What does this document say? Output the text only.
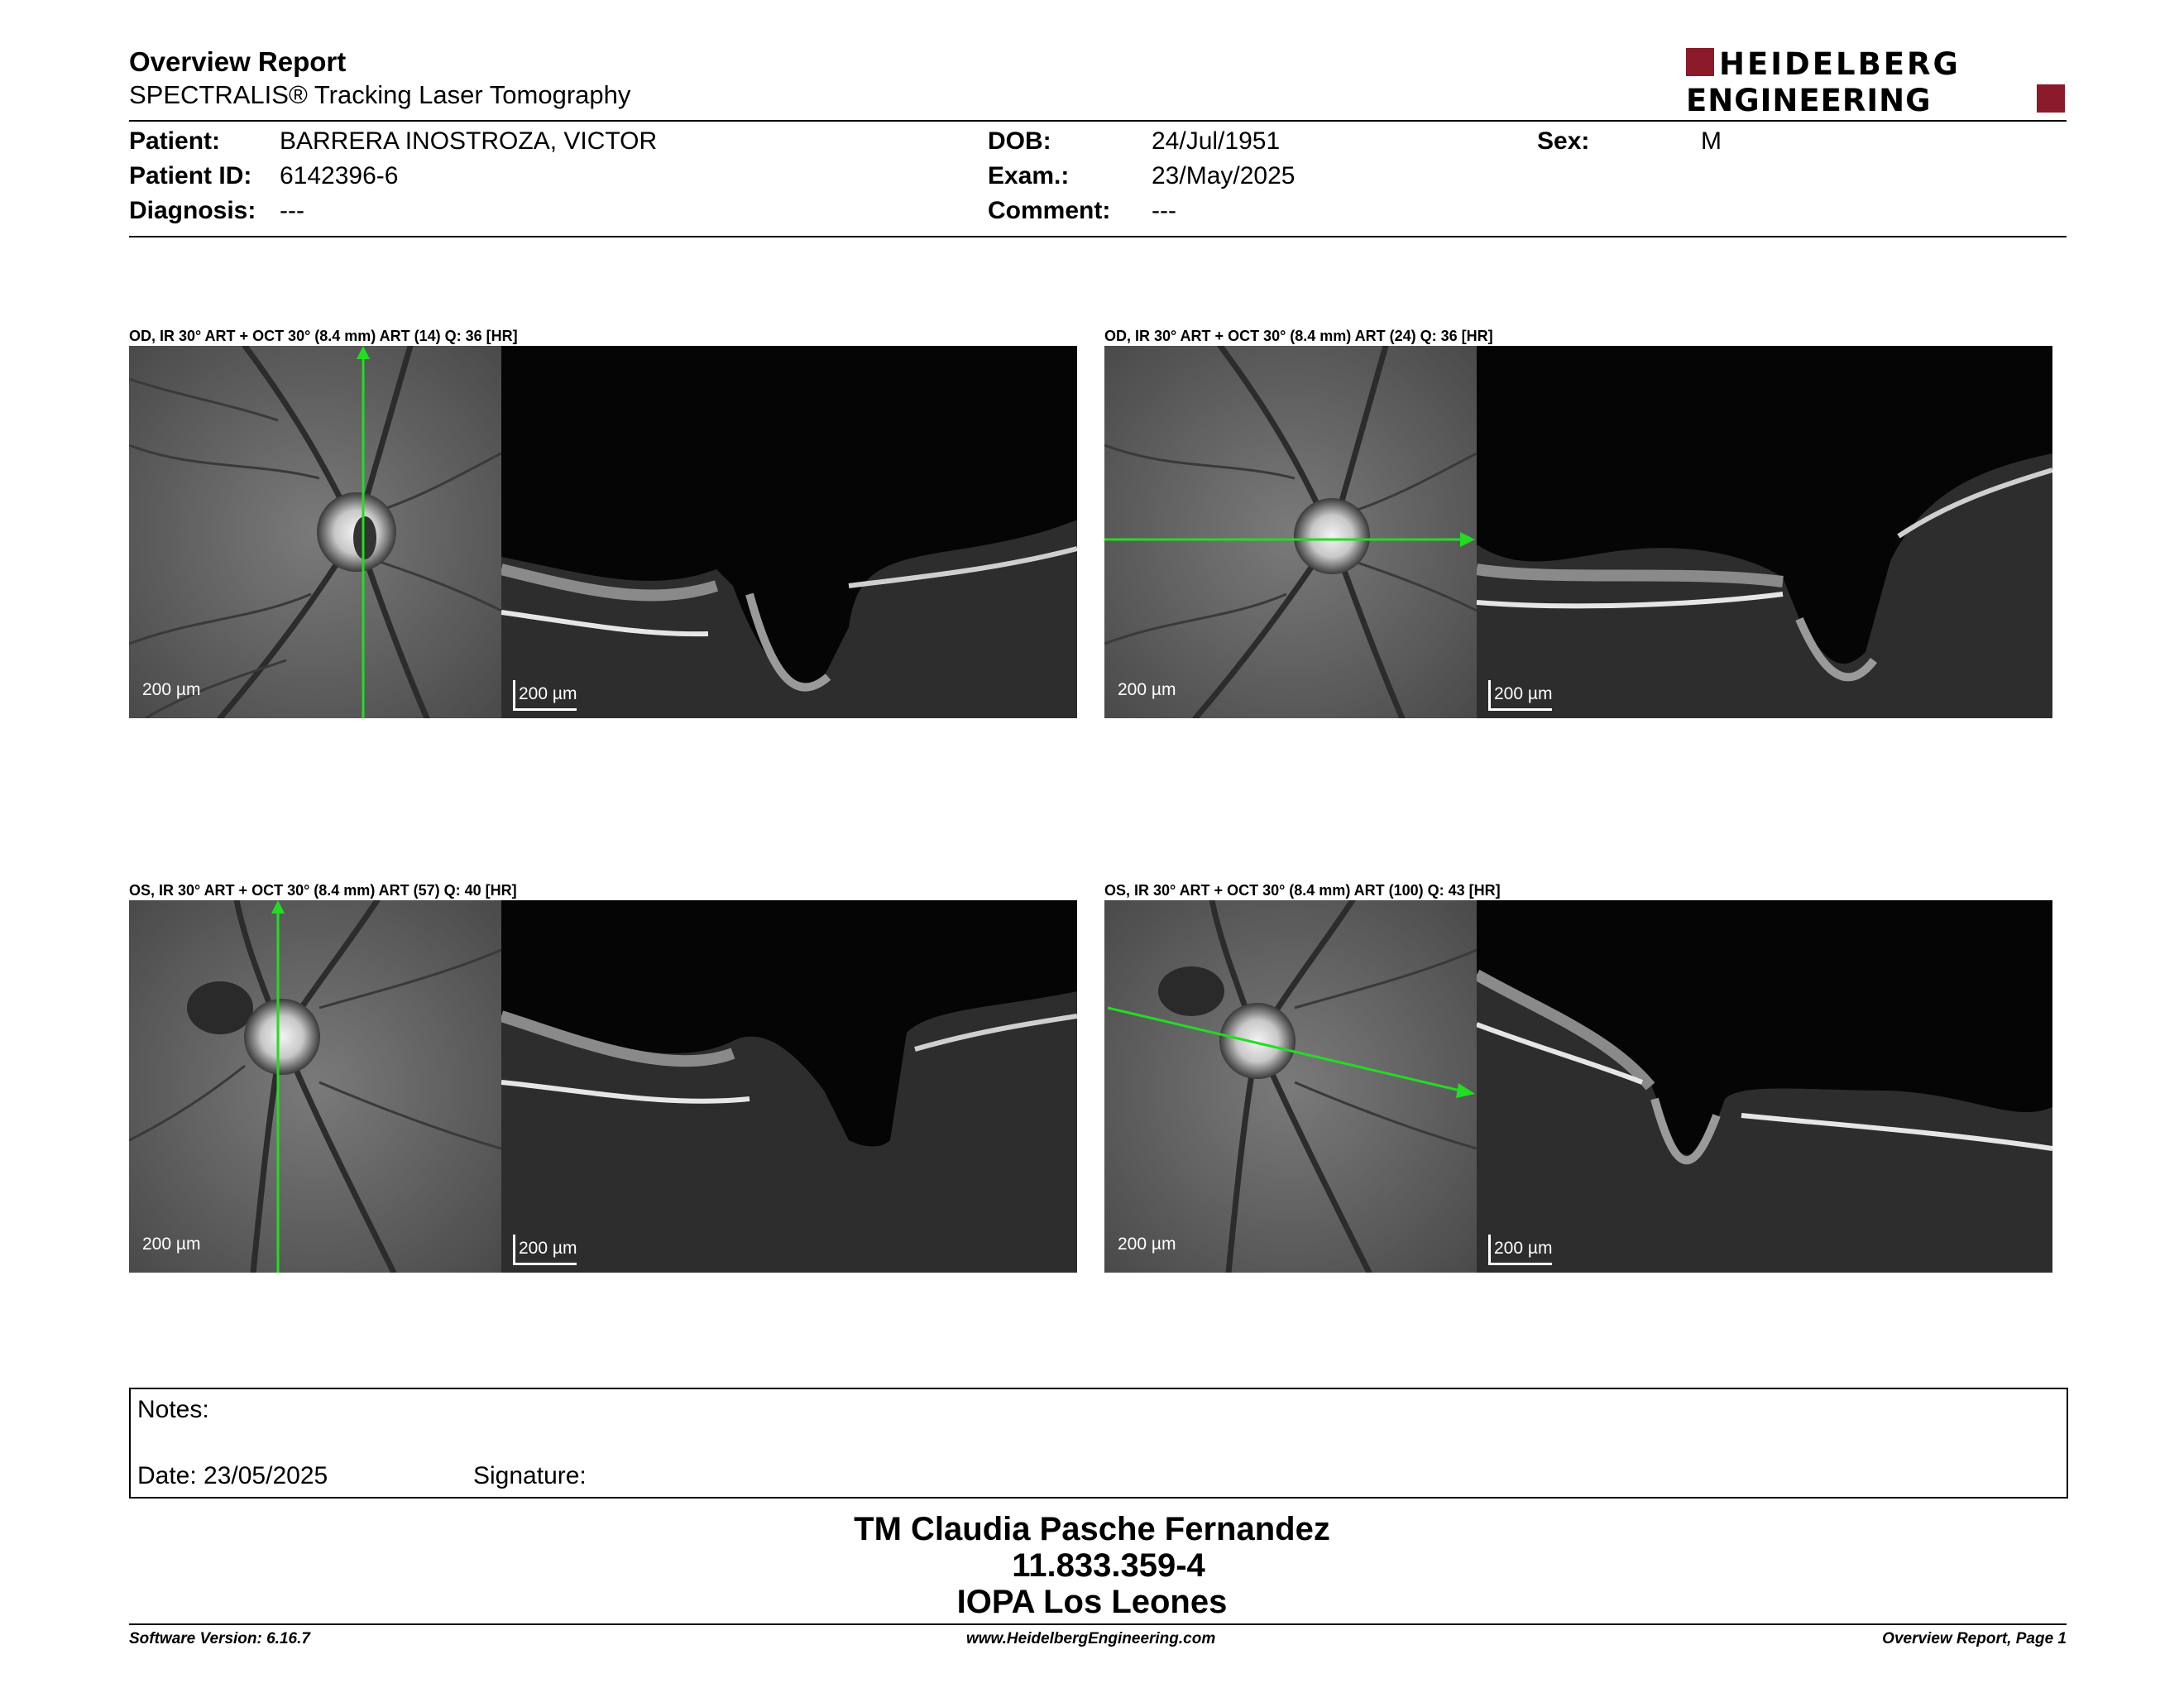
Overview Report
SPECTRALIS® Tracking Laser Tomography
HEIDELBERG
ENGINEERING
Patient: BARRERA INOSTROZA, VICTOR
Patient ID: 6142396-6
Diagnosis: ---
DOB:	24/Jul/1951
Exam.:	23/May/2025
Comment: ---
Sex:	M
OD, IR 30° ART + OCT 30° (8.4 mm) ART (14) Q: 36 [HR]
200 µm	200 µm
OD, IR 30° ART + OCT 30° (8.4 mm) ART (24) Q: 36 [HR]
200 µm	200 µm
OS, IR 30° ART + OCT 30° (8.4 mm) ART (57) Q: 40 [HR]
200 µm	200 µm
OS, IR 30° ART + OCT 30° (8.4 mm) ART (100) Q: 43 [HR]
200 µm	200 µm
Notes:
Date: 23/05/2025	Signature:
TM Claudia Pasche Fernandez
11.833.359-4
IOPA Los Leones
Software Version: 6.16.7	www.HeidelbergEngineering.com	Overview Report, Page 1
